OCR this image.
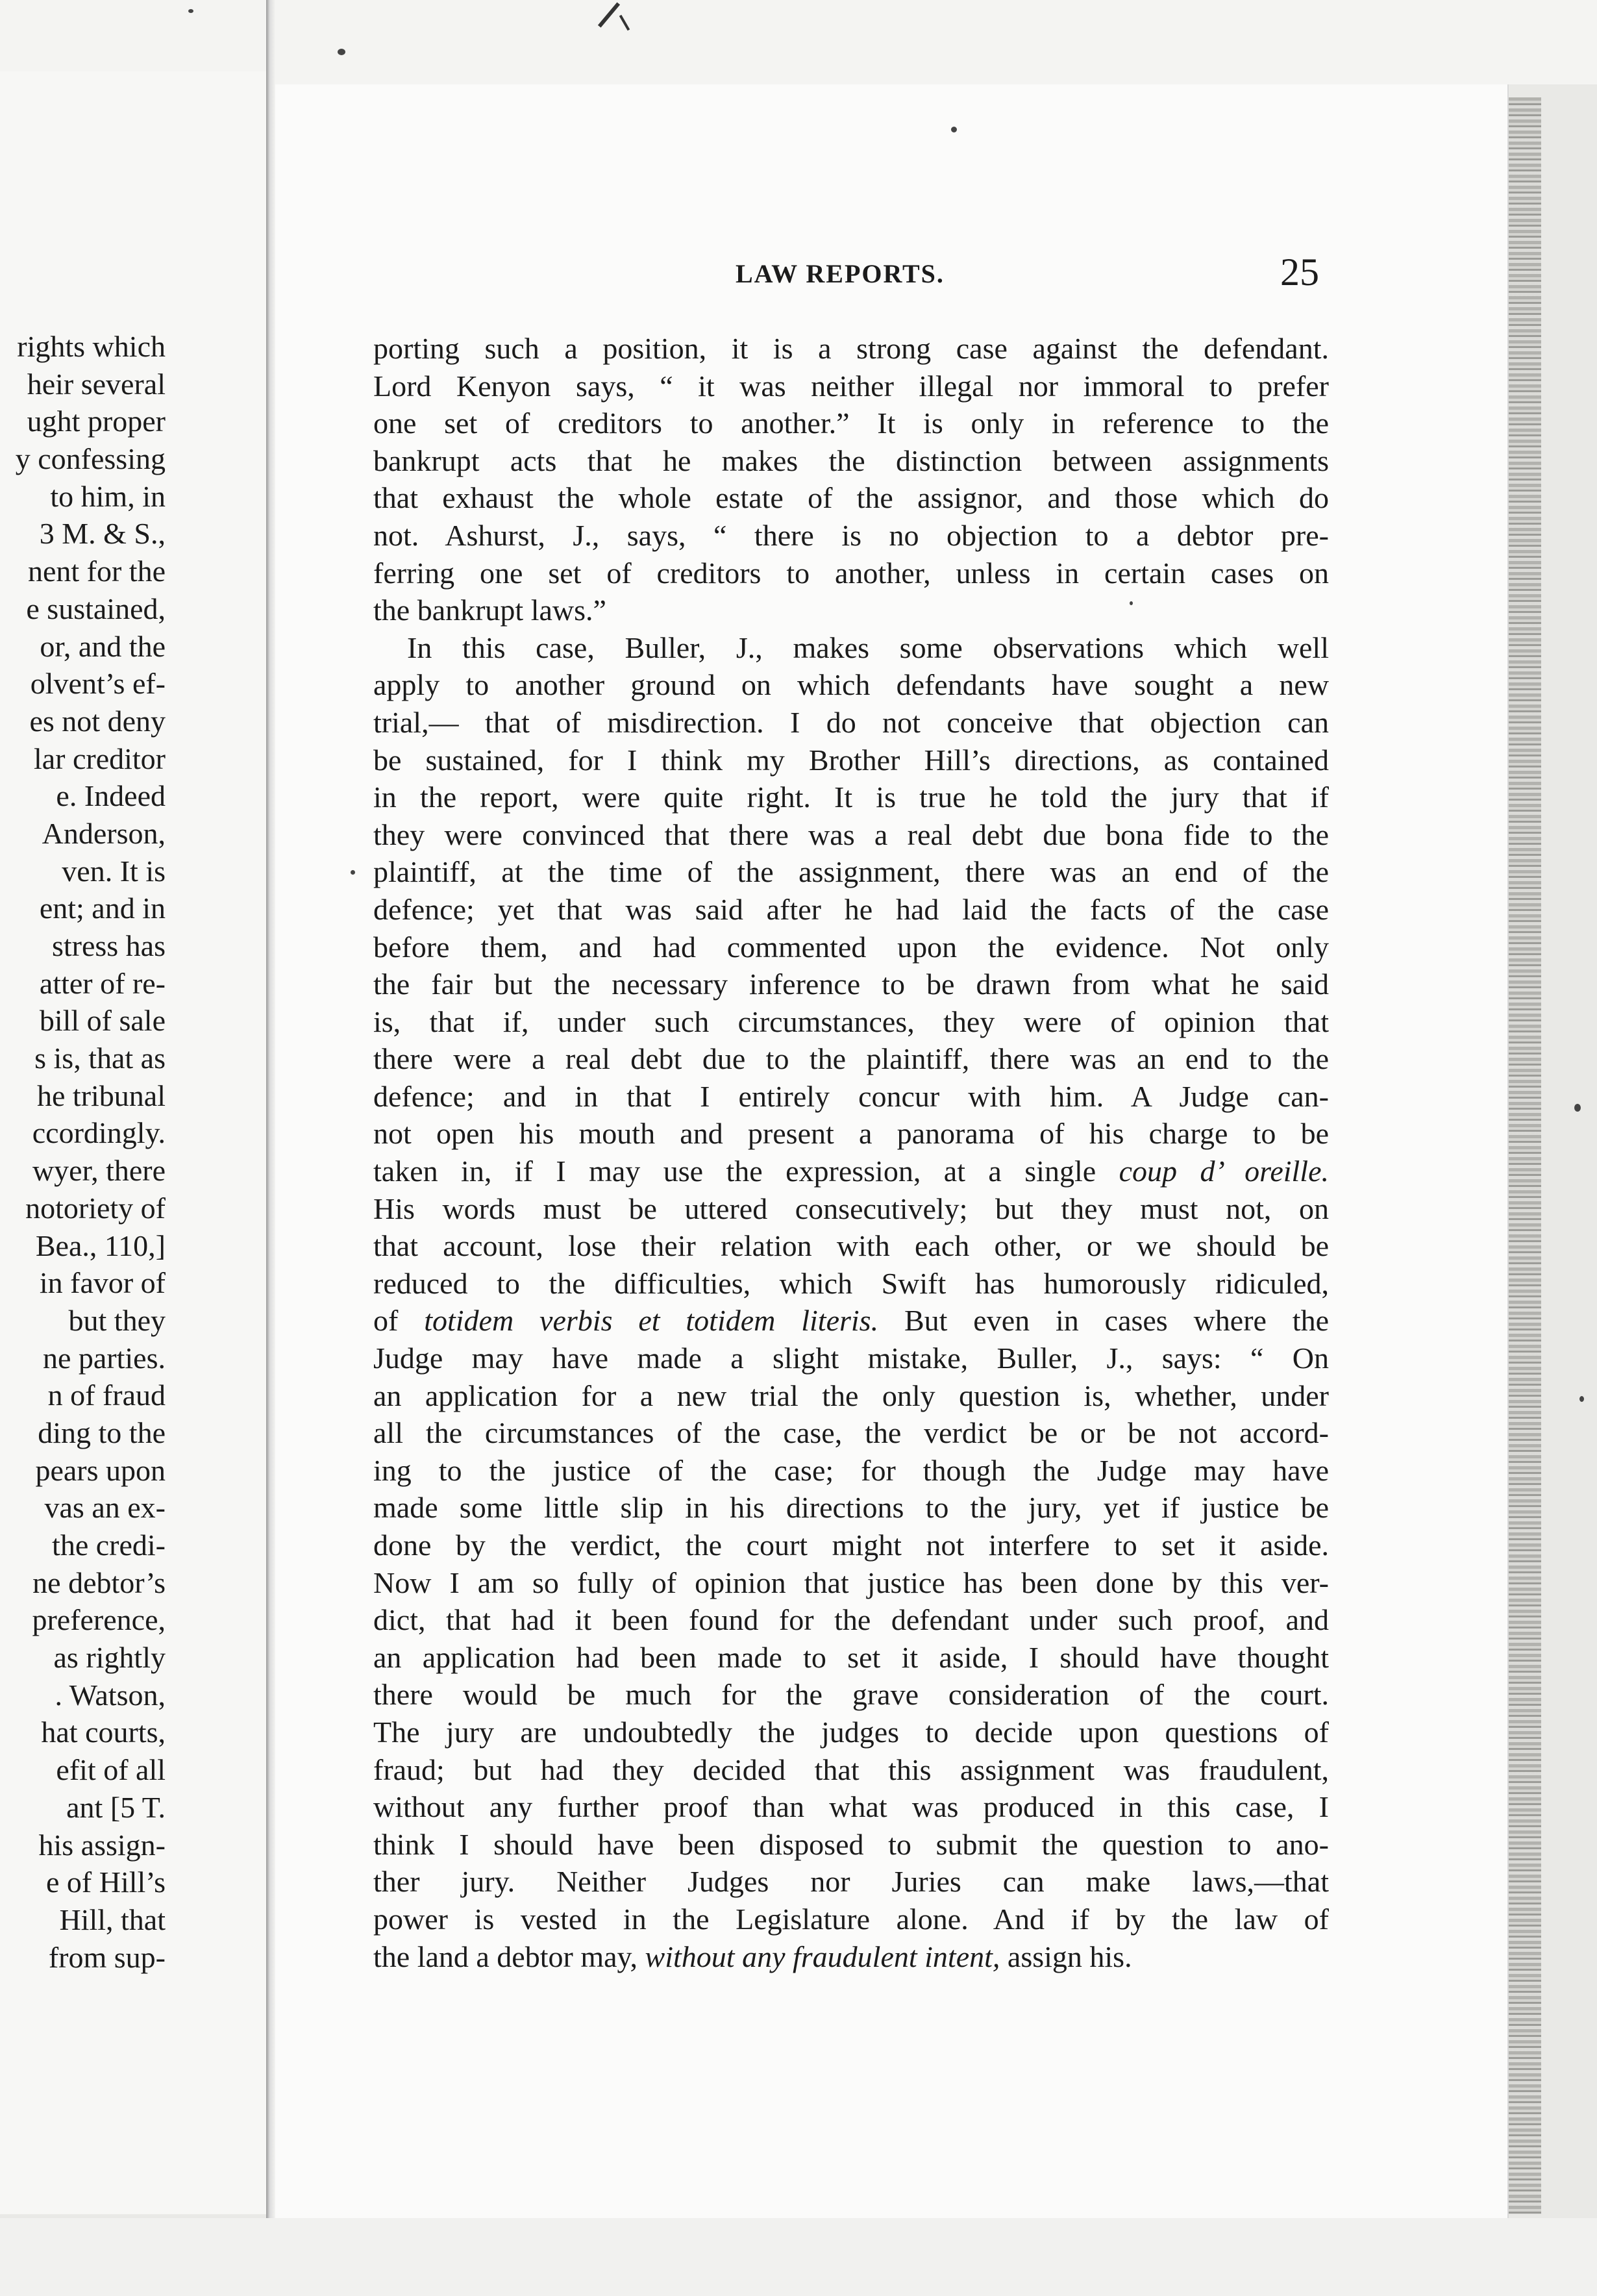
rights which
heir several
ught proper
y confessing
to him, in
3 M. & S.,
nent for the
e sustained,
or, and the
olvent’s ef-
es not deny
lar creditor
e. Indeed
Anderson,
ven. It is
ent; and in
stress has
atter of re-
bill of sale
s is, that as
he tribunal
ccordingly.
wyer, there
notoriety of
Bea., 110,]
in favor of
but they
ne parties.
n of fraud
ding to the
pears upon
vas an ex-
the credi-
ne debtor’s
preference,
as rightly
. Watson,
hat courts,
efit of all
ant [5 T.
his assign-
e of Hill’s
Hill, that
from sup-
LAW REPORTS.	25
porting such a position, it is a strong case against the defendant.
Lord Kenyon says, “ it was neither illegal nor immoral to prefer
one set of creditors to another.” It is only in reference to the
bankrupt acts that he makes the distinction between assignments
that exhaust the whole estate of the assignor, and those which do
not. Ashurst, J., says, “ there is no objection to a debtor pre-
ferring one set of creditors to another, unless in certain cases on
the bankrupt laws.”
In this case, Buller, J., makes some observations which well
apply to another ground on which defendants have sought a new
trial,— that of misdirection. I do not conceive that objection can
be sustained, for I think my Brother Hill’s directions, as contained
in the report, were quite right. It is true he told the jury that if
they were convinced that there was a real debt due bona fide to the
plaintiff, at the time of the assignment, there was an end of the
defence; yet that was said after he had laid the facts of the case
before them, and had commented upon the evidence. Not only
the fair but the necessary inference to be drawn from what he said
is, that if, under such circumstances, they were of opinion that
there were a real debt due to the plaintiff, there was an end to the
defence; and in that I entirely concur with him. A Judge can-
not open his mouth and present a panorama of his charge to be
taken in, if I may use the expression, at a single coup d’ oreille.
His words must be uttered consecutively; but they must not, on
that account, lose their relation with each other, or we should be
reduced to the difficulties, which Swift has humorously ridiculed,
of totidem verbis et totidem literis. But even in cases where the
Judge may have made a slight mistake, Buller, J., says: “ On
an application for a new trial the only question is, whether, under
all the circumstances of the case, the verdict be or be not accord-
ing to the justice of the case; for though the Judge may have
made some little slip in his directions to the jury, yet if justice be
done by the verdict, the court might not interfere to set it aside.
Now I am so fully of opinion that justice has been done by this ver-
dict, that had it been found for the defendant under such proof, and
an application had been made to set it aside, I should have thought
there would be much for the grave consideration of the court.
The jury are undoubtedly the judges to decide upon questions of
fraud; but had they decided that this assignment was fraudulent,
without any further proof than what was produced in this case, I
think I should have been disposed to submit the question to ano-
ther jury. Neither Judges nor Juries can make laws,—that
power is vested in the Legislature alone. And if by the law of
the land a debtor may, without any fraudulent intent, assign his.
